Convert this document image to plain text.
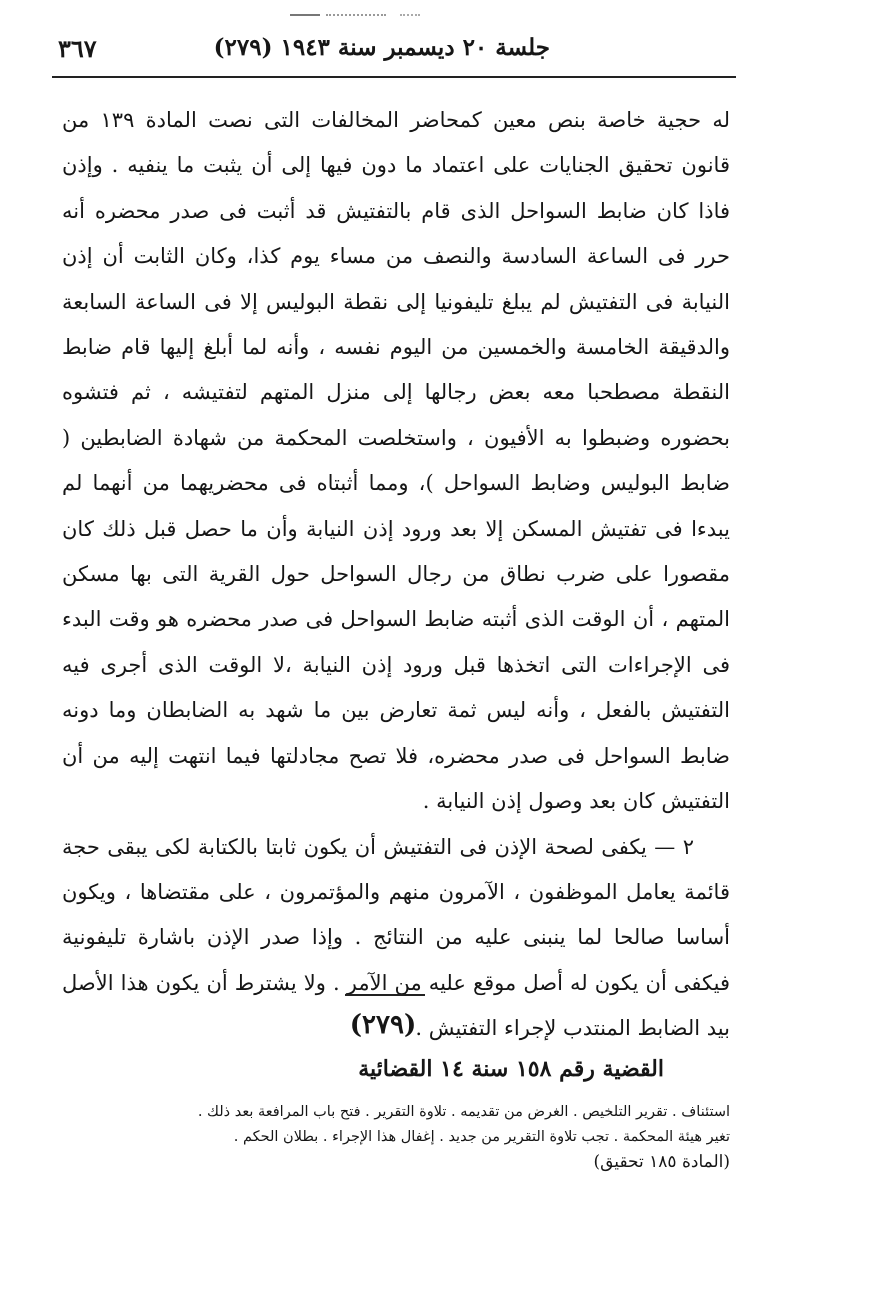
جلسة ٢٠ ديسمبر سنة ١٩٤٣ (٢٧٩)
٣٦٧

له حجية خاصة بنص معين كمحاضر المخالفات التى نصت المادة ١٣٩ من قانون تحقيق الجنايات على اعتماد ما دون فيها إلى أن يثبت ما ينفيه . وإذن فاذا كان ضابط السواحل الذى قام بالتفتيش قد أثبت فى صدر محضره أنه حرر فى الساعة السادسة والنصف من مساء يوم كذا، وكان الثابت أن إذن النيابة فى التفتيش لم يبلغ تليفونيا إلى نقطة البوليس إلا فى الساعة السابعة والدقيقة الخامسة والخمسين من اليوم نفسه ، وأنه لما أبلغ إليها قام ضابط النقطة مصطحبا معه بعض رجالها إلى منزل المتهم لتفتيشه ، ثم فتشوه بحضوره وضبطوا به الأفيون ، واستخلصت المحكمة من شهادة الضابطين ( ضابط البوليس وضابط السواحل )، ومما أثبتاه فى محضريهما من أنهما لم يبدءا فى تفتيش المسكن إلا بعد ورود إذن النيابة وأن ما حصل قبل ذلك كان مقصورا على ضرب نطاق من رجال السواحل حول القرية التى بها مسكن المتهم ، أن الوقت الذى أثبته ضابط السواحل فى صدر محضره هو وقت البدء فى الإجراءات التى اتخذها قبل ورود إذن النيابة ،لا الوقت الذى أجرى فيه التفتيش بالفعل ، وأنه ليس ثمة تعارض بين ما شهد به الضابطان وما دونه ضابط السواحل فى صدر محضره، فلا تصح مجادلتها فيما انتهت إليه من أن التفتيش كان بعد وصول إذن النيابة .

٢ — يكفى لصحة الإذن فى التفتيش أن يكون ثابتا بالكتابة لكى يبقى حجة قائمة يعامل الموظفون ، الآمرون منهم والمؤتمرون ، على مقتضاها ، ويكون أساسا صالحا لما ينبنى عليه من النتائج . وإذا صدر الإذن باشارة تليفونية فيكفى أن يكون له أصل موقع عليه من الآمر . ولا يشترط أن يكون هذا الأصل بيد الضابط المنتدب لإجراء التفتيش .

(٢٧٩)
القضية رقم ١٥٨ سنة ١٤ القضائية

استئناف . تقرير التلخيص . الغرض من تقديمه . تلاوة التقرير . فتح باب المرافعة بعد ذلك .

تغير هيئة المحكمة . تجب تلاوة التقرير من جديد . إغفال هذا الإجراء . بطلان الحكم .

(المادة ١٨٥ تحقيق)
